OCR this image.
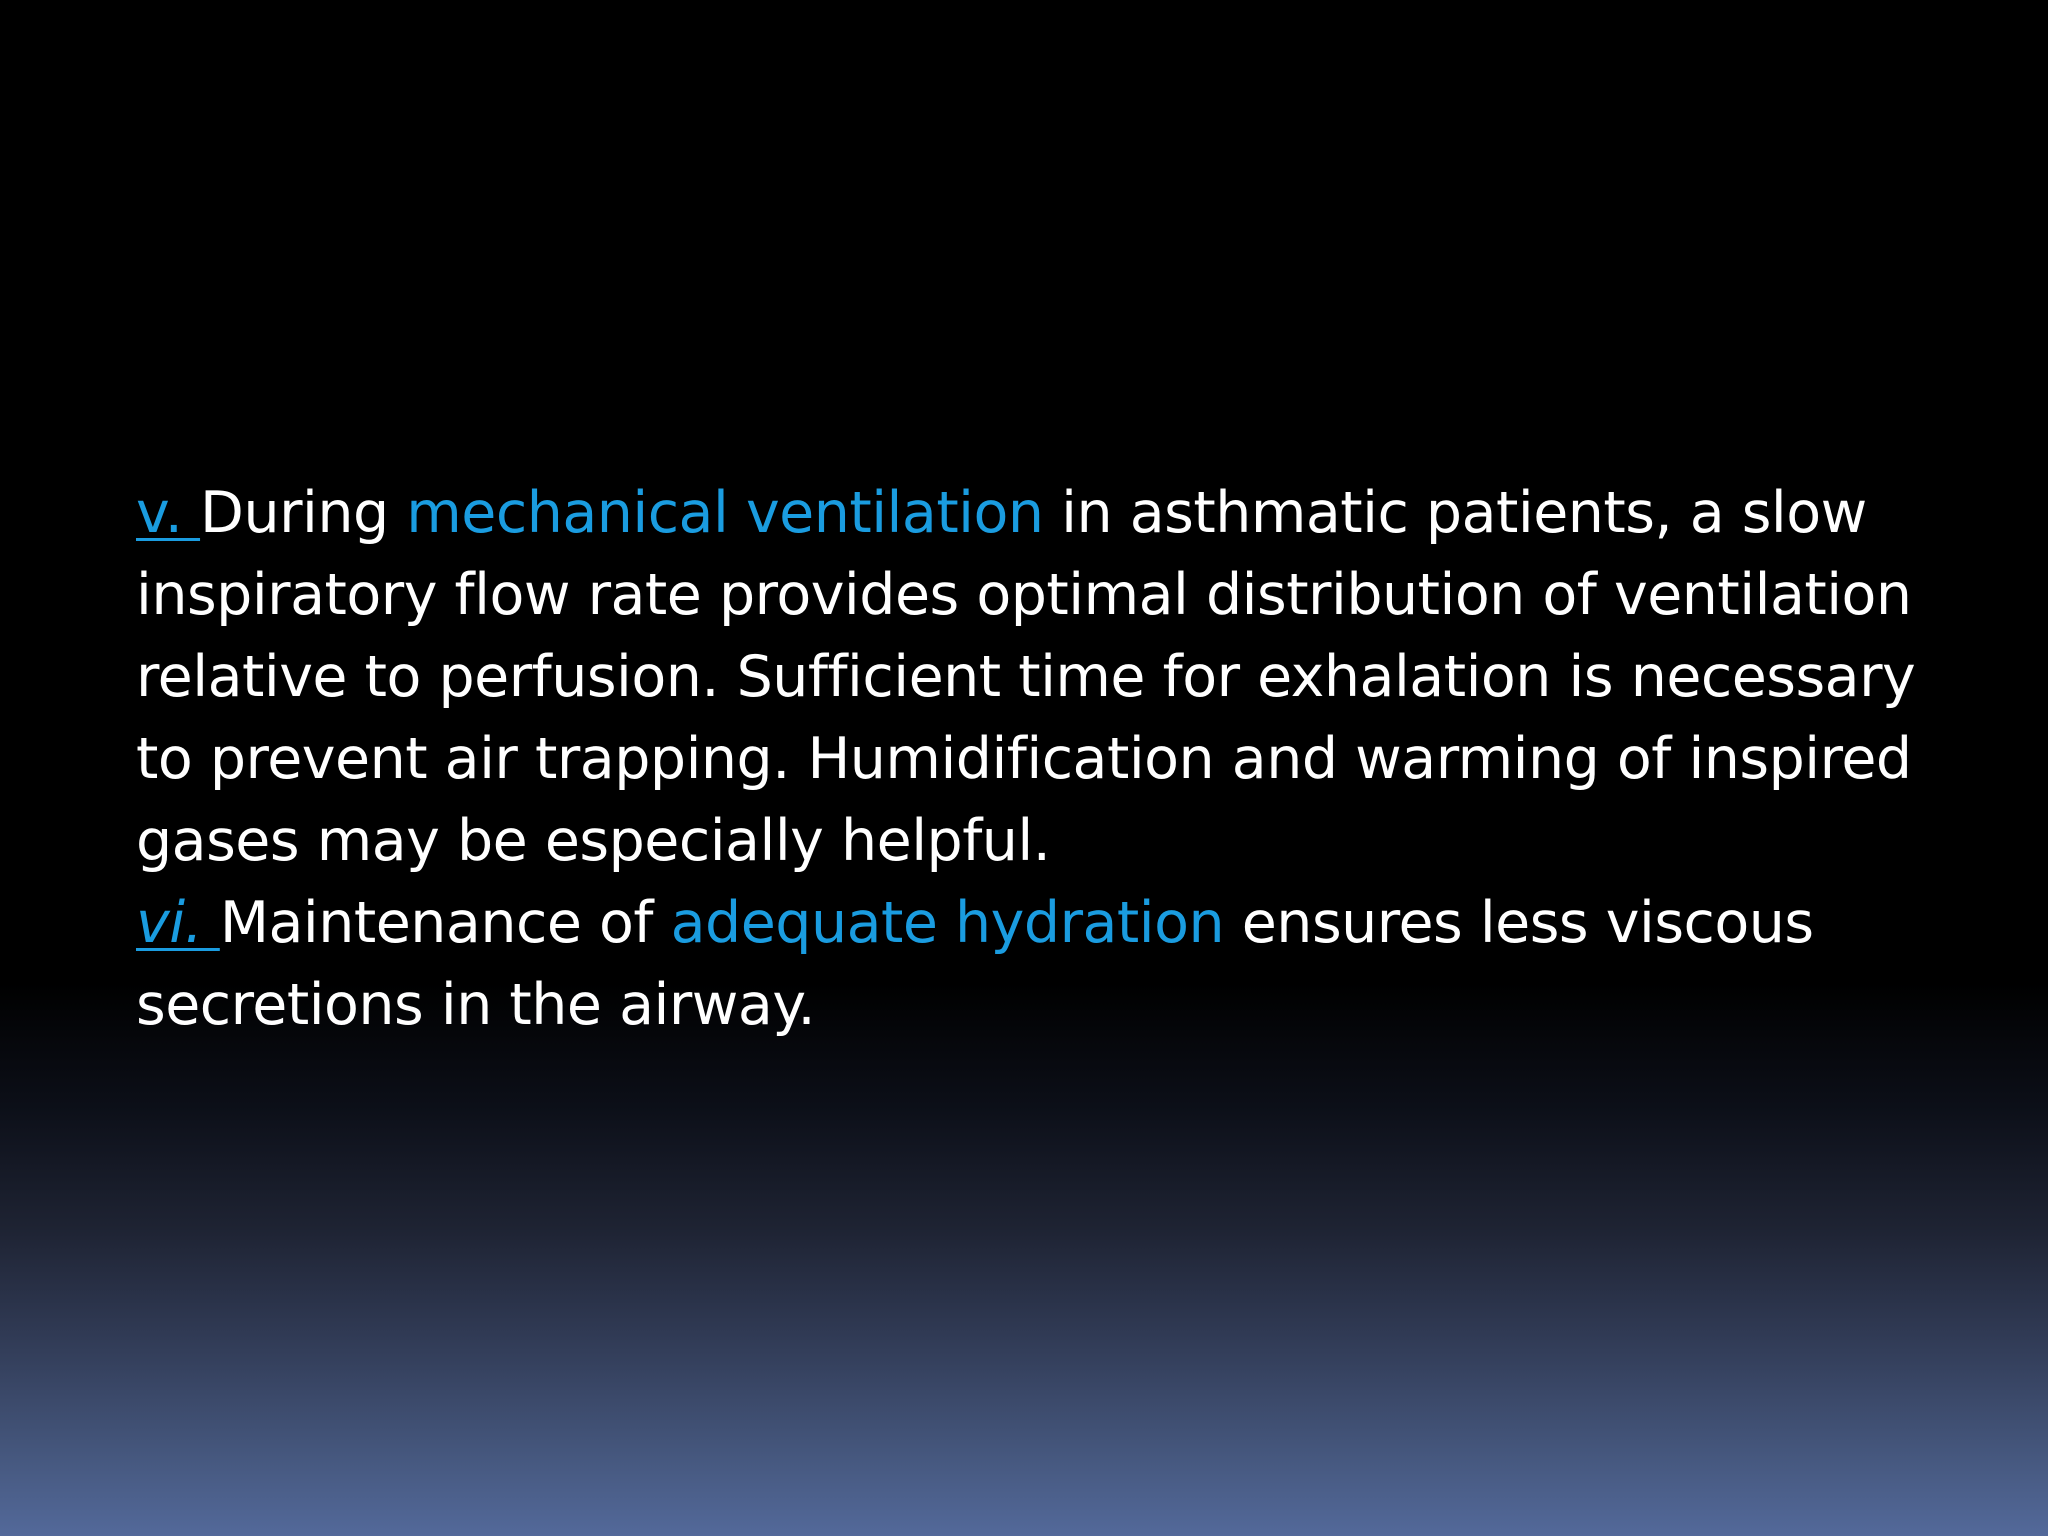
v. During mechanical ventilation in asthmatic patients, a slow inspiratory flow rate provides optimal distribution of ventilation relative to perfusion. Sufficient time for exhalation is necessary to prevent air trapping. Humidification and warming of inspired gases may be especially helpful.

vi. Maintenance of adequate hydration ensures less viscous secretions in the airway.
